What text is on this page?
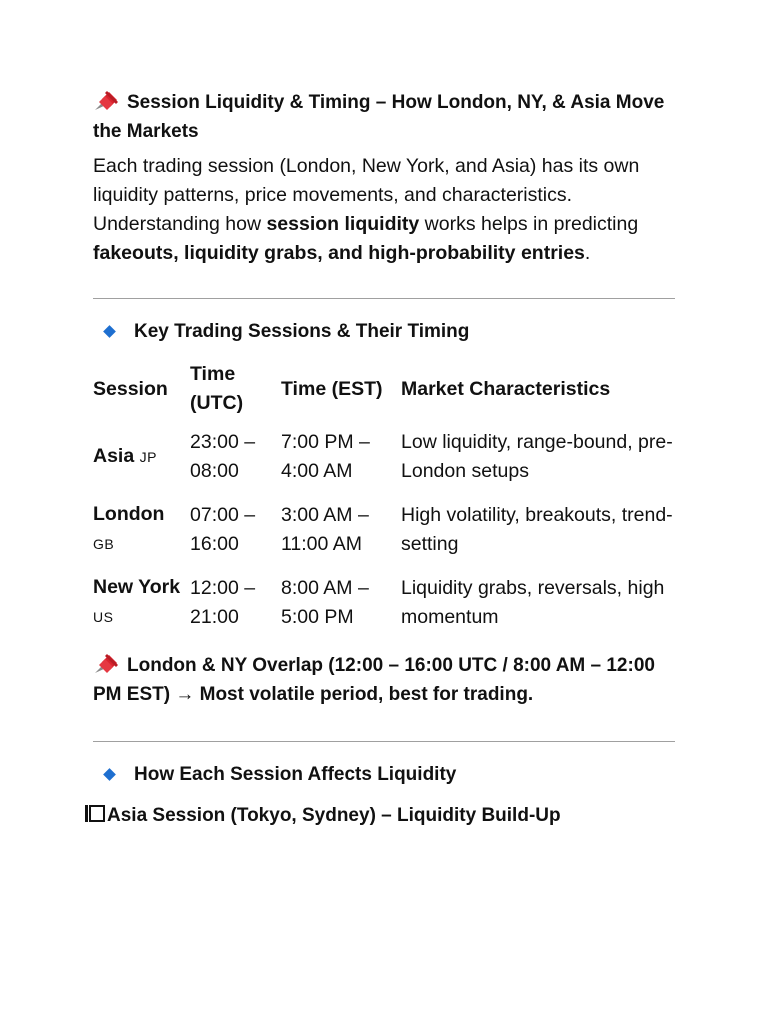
Session Liquidity & Timing – How London, NY, & Asia Move the Markets

Each trading session (London, New York, and Asia) has its own liquidity patterns, price movements, and characteristics. Understanding how session liquidity works helps in predicting fakeouts, liquidity grabs, and high-probability entries.

Key Trading Sessions & Their Timing
Session	Time (UTC)	Time (EST)	Market Characteristics
Asia JP	23:00 – 08:00	7:00 PM – 4:00 AM	Low liquidity, range-bound, pre-London setups
London GB	07:00 – 16:00	3:00 AM – 11:00 AM	High volatility, breakouts, trend-setting
New York US	12:00 – 21:00	8:00 AM – 5:00 PM	Liquidity grabs, reversals, high momentum

London & NY Overlap (12:00 – 16:00 UTC / 8:00 AM – 12:00 PM EST) → Most volatile period, best for trading.

How Each Session Affects Liquidity

Asia Session (Tokyo, Sydney) – Liquidity Build-Up
